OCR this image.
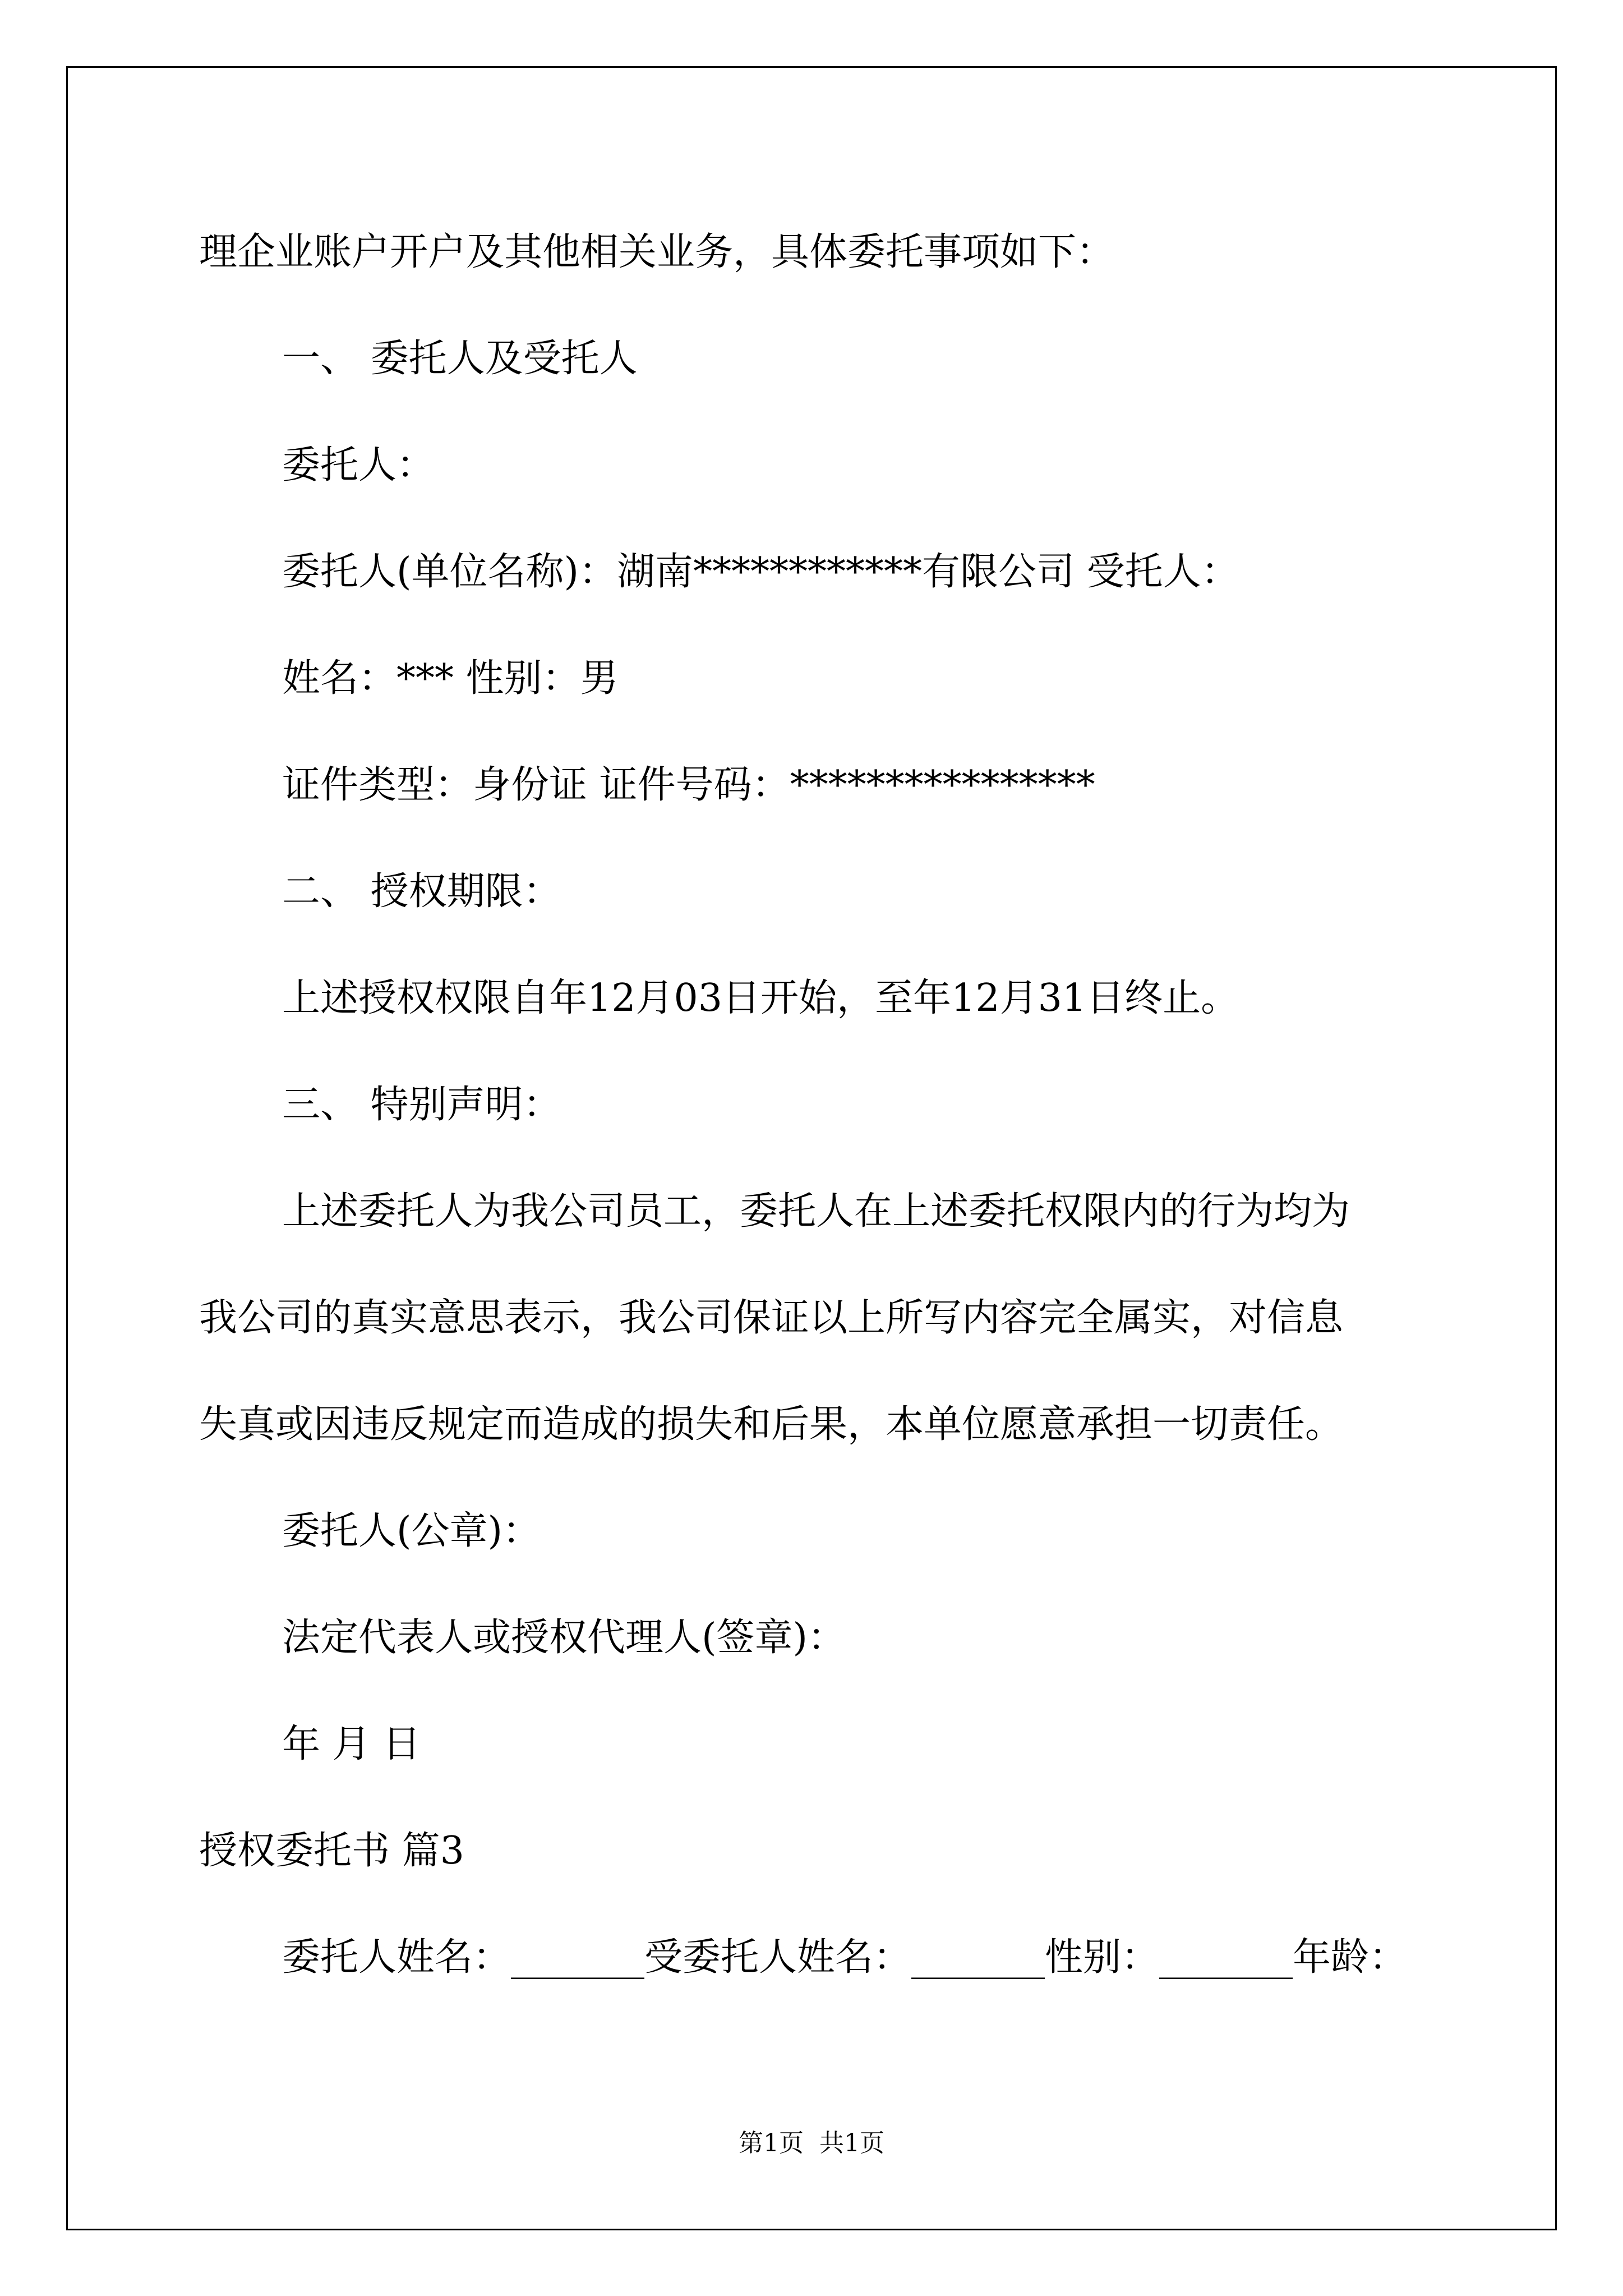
理企业账户开户及其他相关业务，具体委托事项如下：

一、 委托人及受托人

委托人：

委托人(单位名称)：湖南************有限公司 受托人：

姓名：*** 性别：男

证件类型：身份证 证件号码：****************

二、 授权期限：

上述授权权限自年12月03日开始，至年12月31日终止。

三、 特别声明：

上述委托人为我公司员工，委托人在上述委托权限内的行为均为

我公司的真实意思表示，我公司保证以上所写内容完全属实，对信息

失真或因违反规定而造成的损失和后果，本单位愿意承担一切责任。

委托人(公章)：

法定代表人或授权代理人(签章)：

年 月 日

授权委托书 篇3

委托人姓名：_______受委托人姓名：_______性别：_______年龄：

第1页  共1页
